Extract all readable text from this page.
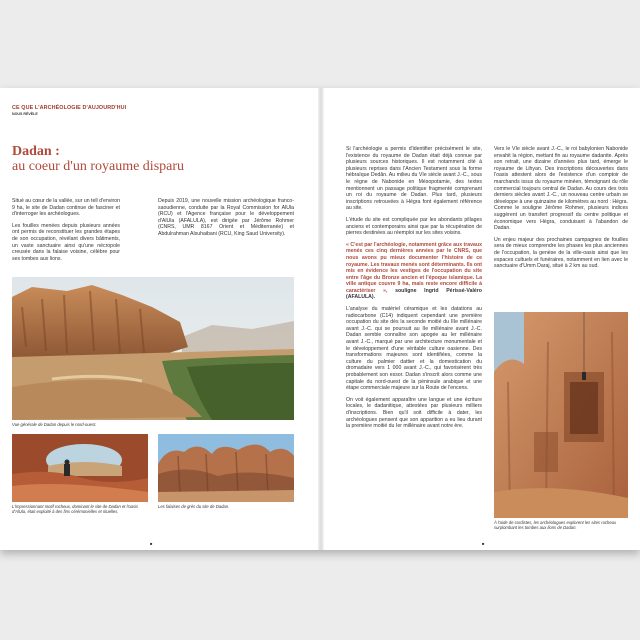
CE QUE L'ARCHÉOLOGIE D'AUJOURD'HUI
NOUS RÉVÈLE
Dadan :
au coeur d'un royaume disparu

Situé au cœur de la vallée, sur un tell d'environ 9 ha, le site de Dadan continue de fasciner et d'interroger les archéologues.

Les fouilles menées depuis plusieurs années ont permis de reconstituer les grandes étapes de son occupation, révélant divers bâtiments, un vaste sanctuaire ainsi qu'une nécropole creusée dans la falaise voisine, célèbre pour ses tombes aux lions.

Depuis 2019, une nouvelle mission archéologique franco-saoudienne, conduite par la Royal Commission for AlUla (RCU) et l'Agence française pour le développement d'AlUla (AFALULA), est dirigée par Jérôme Rohmer (CNRS, UMR 8167 Orient et Méditerranée) et Abdulrahman Alsuhaibani (RCU, King Saud University).

Vue générale de Dadan depuis le nord-ouest.
L'impressionnant motif rocheux, dominant le site de Dadan et l'oasis d'AlUla, était exploité à des fins cérémonielles et rituelles.
Les falaises de grès du site de Dadan.

Si l'archéologie a permis d'identifier précisément le site, l'existence du royaume de Dadan était déjà connue par plusieurs sources historiques. Il est notamment cité à plusieurs reprises dans l'Ancien Testament sous la forme hébraïque Dedân. Au milieu du VIe siècle avant J.-C., sous le règne de Nabonide en Mésopotamie, des textes mentionnent un passage politique fragmenté comprenant un roi du royaume de Dadan. Plus tard, plusieurs inscriptions retrouvées à Hégra font également référence au site.

L'étude du site est compliquée par les abondants pillages anciens et contemporains ainsi que par la récupération de pierres destinées au réemploi sur les sites voisins.

« C'est par l'archéologie, notamment grâce aux travaux menés ces cinq dernières années par le CNRS, que nous avons pu mieux documenter l'histoire de ce royaume. Les travaux menés sont déterminants. Ils ont mis en évidence les vestiges de l'occupation du site entre l'âge du Bronze ancien et l'époque islamique. La ville antique couvre 9 ha, mais reste encore difficile à caractériser », souligne Ingrid Périssé-Valéro (AFALULA).

L'analyse du matériel céramique et les datations au radiocarbone (C14) indiquent cependant une première occupation du site dès la seconde moitié du IIIe millénaire avant J.-C. qui se poursuit au IIe millénaire avant J.-C. Dadan semble connaître son apogée au Ier millénaire avant J.-C., marqué par une architecture monumentale et le développement d'une véritable culture oasienne. Des transformations majeures sont identifiées, comme la culture du palmier dattier et la domestication du dromadaire vers 1 000 avant J.-C., qui favorisèrent très probablement son essor. Dadan s'inscrit alors comme une capitale du nord-ouest de la péninsule arabique et une étape commerciale majeure sur la Route de l'encens.

On voit également apparaître une langue et une écriture locales, le dadanitique, attestées par plusieurs milliers d'inscriptions. Bien qu'il soit difficile à dater, les archéologues pensent que son apparition a eu lieu durant la première moitié du Ier millénaire avant notre ère.

Vers le VIe siècle avant J.-C., le roi babylonien Nabonide envahit la région, mettant fin au royaume dadanite. Après son retrait, une dizaine d'années plus tard, émerge le royaume de Lihyan. Des inscriptions découvertes dans l'oasis attestent alors de l'existence d'un comptoir de marchands issus du royaume minéen, témoignant du rôle commercial toujours central de Dadan. Au cours des trois derniers siècles avant J.-C., un nouveau centre urbain se développe à une quinzaine de kilomètres au nord : Hégra. Comme le souligne Jérôme Rohmer, plusieurs indices suggèrent un transfert progressif du centre politique et économique vers Hégra, conduisant à l'abandon de Dadan.

Un enjeu majeur des prochaines campagnes de fouilles sera de mieux comprendre les phases les plus anciennes de l'occupation, la genèse de la ville-oasis ainsi que les espaces cultuels et funéraires, notamment en lien avec le sanctuaire d'Umm Daraj, situé à 2 km au sud.

À l'aide de cordistes, les archéologues explorent les sites rocheux surplombant les tombes aux lions de Dadan.
■	■
